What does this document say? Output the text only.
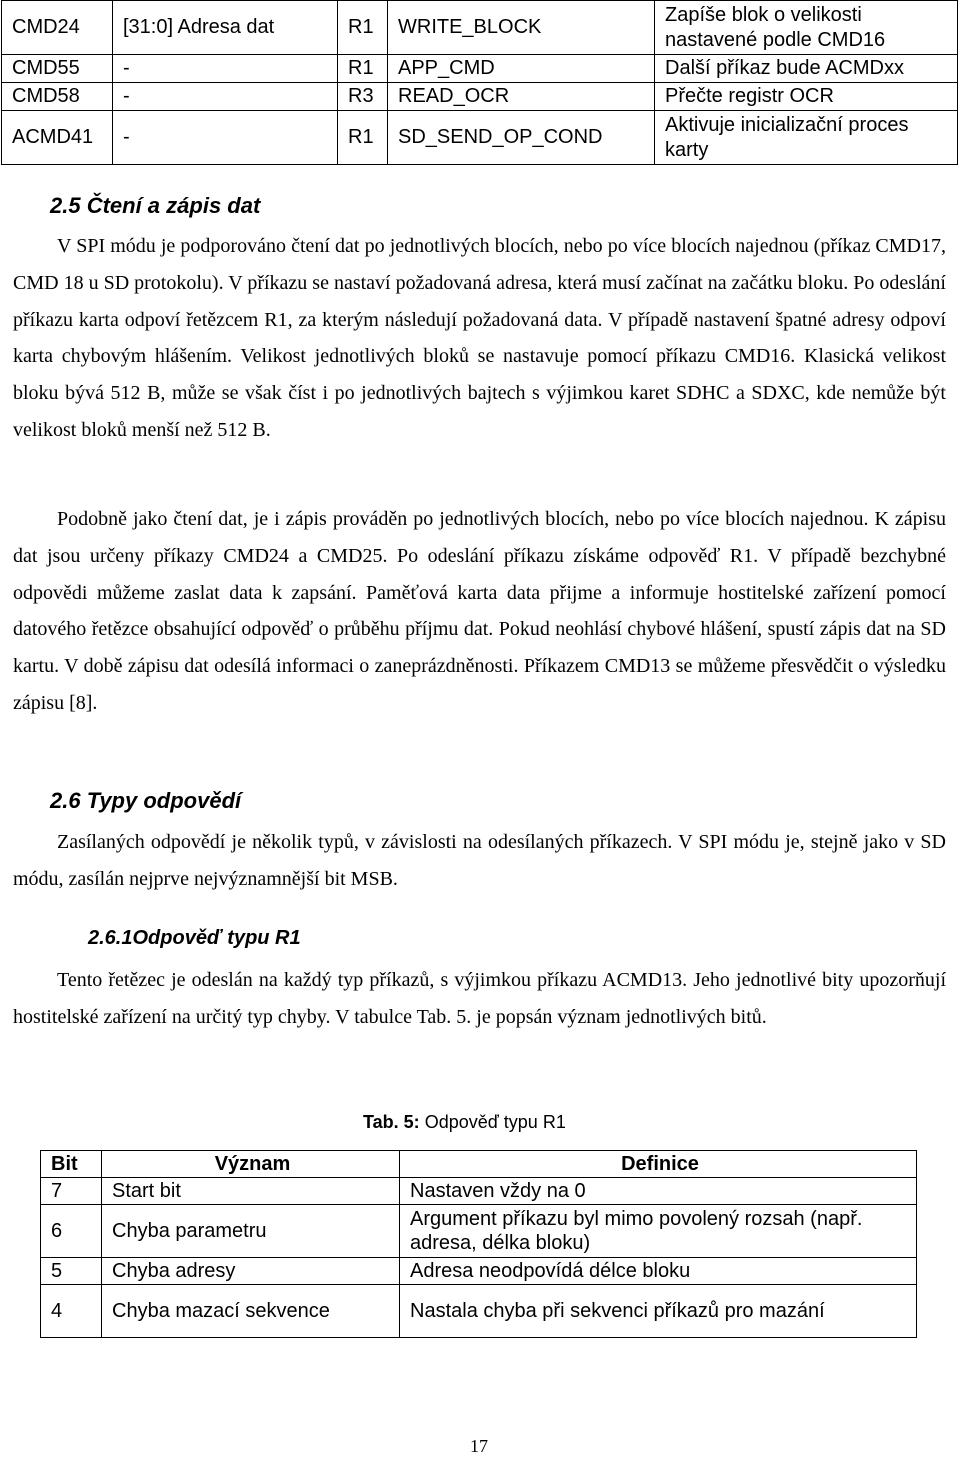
CMD24	[31:0] Adresa dat	R1	WRITE_BLOCK	Zapíše blok o velikosti nastavené podle CMD16
CMD55	-	R1	APP_CMD	Další příkaz bude ACMDxx
CMD58	-	R3	READ_OCR	Přečte registr OCR
ACMD41	-	R1	SD_SEND_OP_COND	Aktivuje inicializační proces karty
2.5 Čtení a zápis dat

V SPI módu je podporováno čtení dat po jednotlivých blocích, nebo po více blocích najednou (příkaz CMD17, CMD 18 u SD protokolu). V příkazu se nastaví požadovaná adresa, která musí začínat na začátku bloku. Po odeslání příkazu karta odpoví řetězcem R1, za kterým následují požadovaná data. V případě nastavení špatné adresy odpoví karta chybovým hlášením. Velikost jednotlivých bloků se nastavuje pomocí příkazu CMD16. Klasická velikost bloku bývá 512 B, může se však číst i po jednotlivých bajtech s výjimkou karet SDHC a SDXC, kde nemůže být velikost bloků menší než 512 B.

Podobně jako čtení dat, je i zápis prováděn po jednotlivých blocích, nebo po více blocích najednou. K zápisu dat jsou určeny příkazy CMD24 a CMD25. Po odeslání příkazu získáme odpověď R1. V případě bezchybné odpovědi můžeme zaslat data k zapsání. Paměťová karta data přijme a informuje hostitelské zařízení pomocí datového řetězce obsahující odpověď o průběhu příjmu dat. Pokud neohlásí chybové hlášení, spustí zápis dat na SD kartu. V době zápisu dat odesílá informaci o zaneprázdněnosti. Příkazem CMD13 se můžeme přesvědčit o výsledku zápisu [8].

2.6 Typy odpovědí

Zasílaných odpovědí je několik typů, v závislosti na odesílaných příkazech. V SPI módu je, stejně jako v SD módu, zasílán nejprve nejvýznamnější bit MSB.

2.6.1Odpověď typu R1

Tento řetězec je odeslán na každý typ příkazů, s výjimkou příkazu ACMD13. Jeho jednotlivé bity upozorňují hostitelské zařízení na určitý typ chyby. V tabulce Tab. 5. je popsán význam jednotlivých bitů.

Tab. 5: Odpověď typu R1
Bit	Význam	Definice
7	Start bit	Nastaven vždy na 0
6	Chyba parametru	Argument příkazu byl mimo povolený rozsah (např. adresa, délka bloku)
5	Chyba adresy	Adresa neodpovídá délce bloku
4	Chyba mazací sekvence	Nastala chyba při sekvenci příkazů pro mazání
17
